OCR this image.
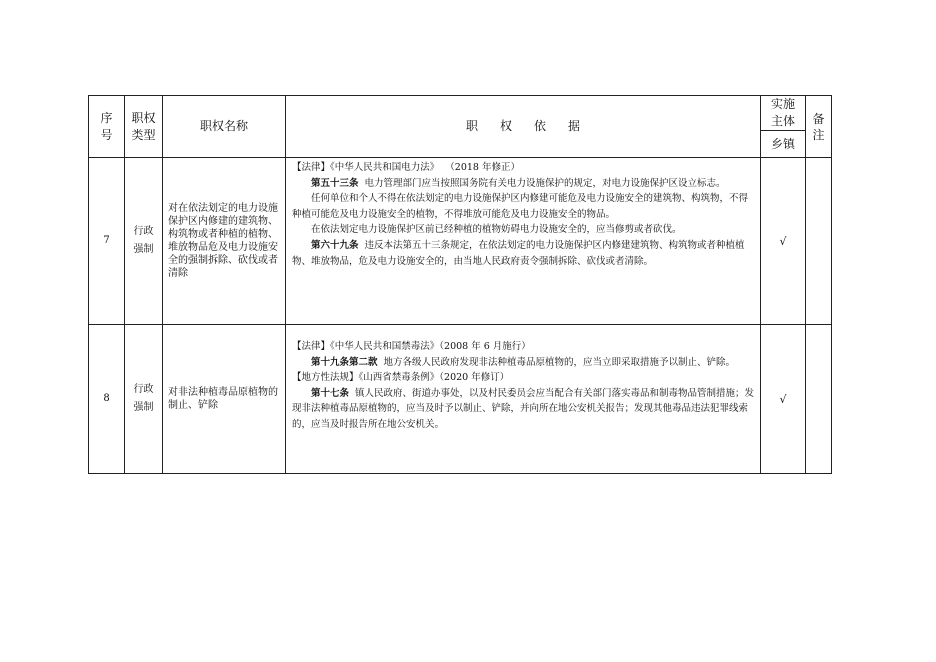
序号	职权类型	职权名称	职 权 依 据	实施主体	备注

				乡镇	
7	行政强制	对在依法划定的电力设施保护区内修建的建筑物、构筑物或者种植的植物、堆放物品危及电力设施安全的强制拆除、砍伐或者清除	【法律】《中华人民共和国电力法》 （2018 年修正）

第五十三条 电力管理部门应当按照国务院有关电力设施保护的规定，对电力设施保护区设立标志。

任何单位和个人不得在依法划定的电力设施保护区内修建可能危及电力设施安全的建筑物、构筑物，不得种植可能危及电力设施安全的植物，不得堆放可能危及电力设施安全的物品。

在依法划定电力设施保护区前已经种植的植物妨碍电力设施安全的，应当修剪或者砍伐。

第六十九条 违反本法第五十三条规定，在依法划定的电力设施保护区内修建建筑物、构筑物或者种植植物、堆放物品，危及电力设施安全的，由当地人民政府责令强制拆除、砍伐或者清除。	√	
8	行政强制	对非法种植毒品原植物的制止、铲除	【法律】《中华人民共和国禁毒法》（2008 年 6 月施行）

第十九条第二款 地方各级人民政府发现非法种植毒品原植物的，应当立即采取措施予以制止、铲除。

【地方性法规】《山西省禁毒条例》（2020 年修订）

第十七条 镇人民政府、街道办事处，以及村民委员会应当配合有关部门落实毒品和制毒物品管制措施；发现非法种植毒品原植物的，应当及时予以制止、铲除，并向所在地公安机关报告；发现其他毒品违法犯罪线索的，应当及时报告所在地公安机关。	√	
